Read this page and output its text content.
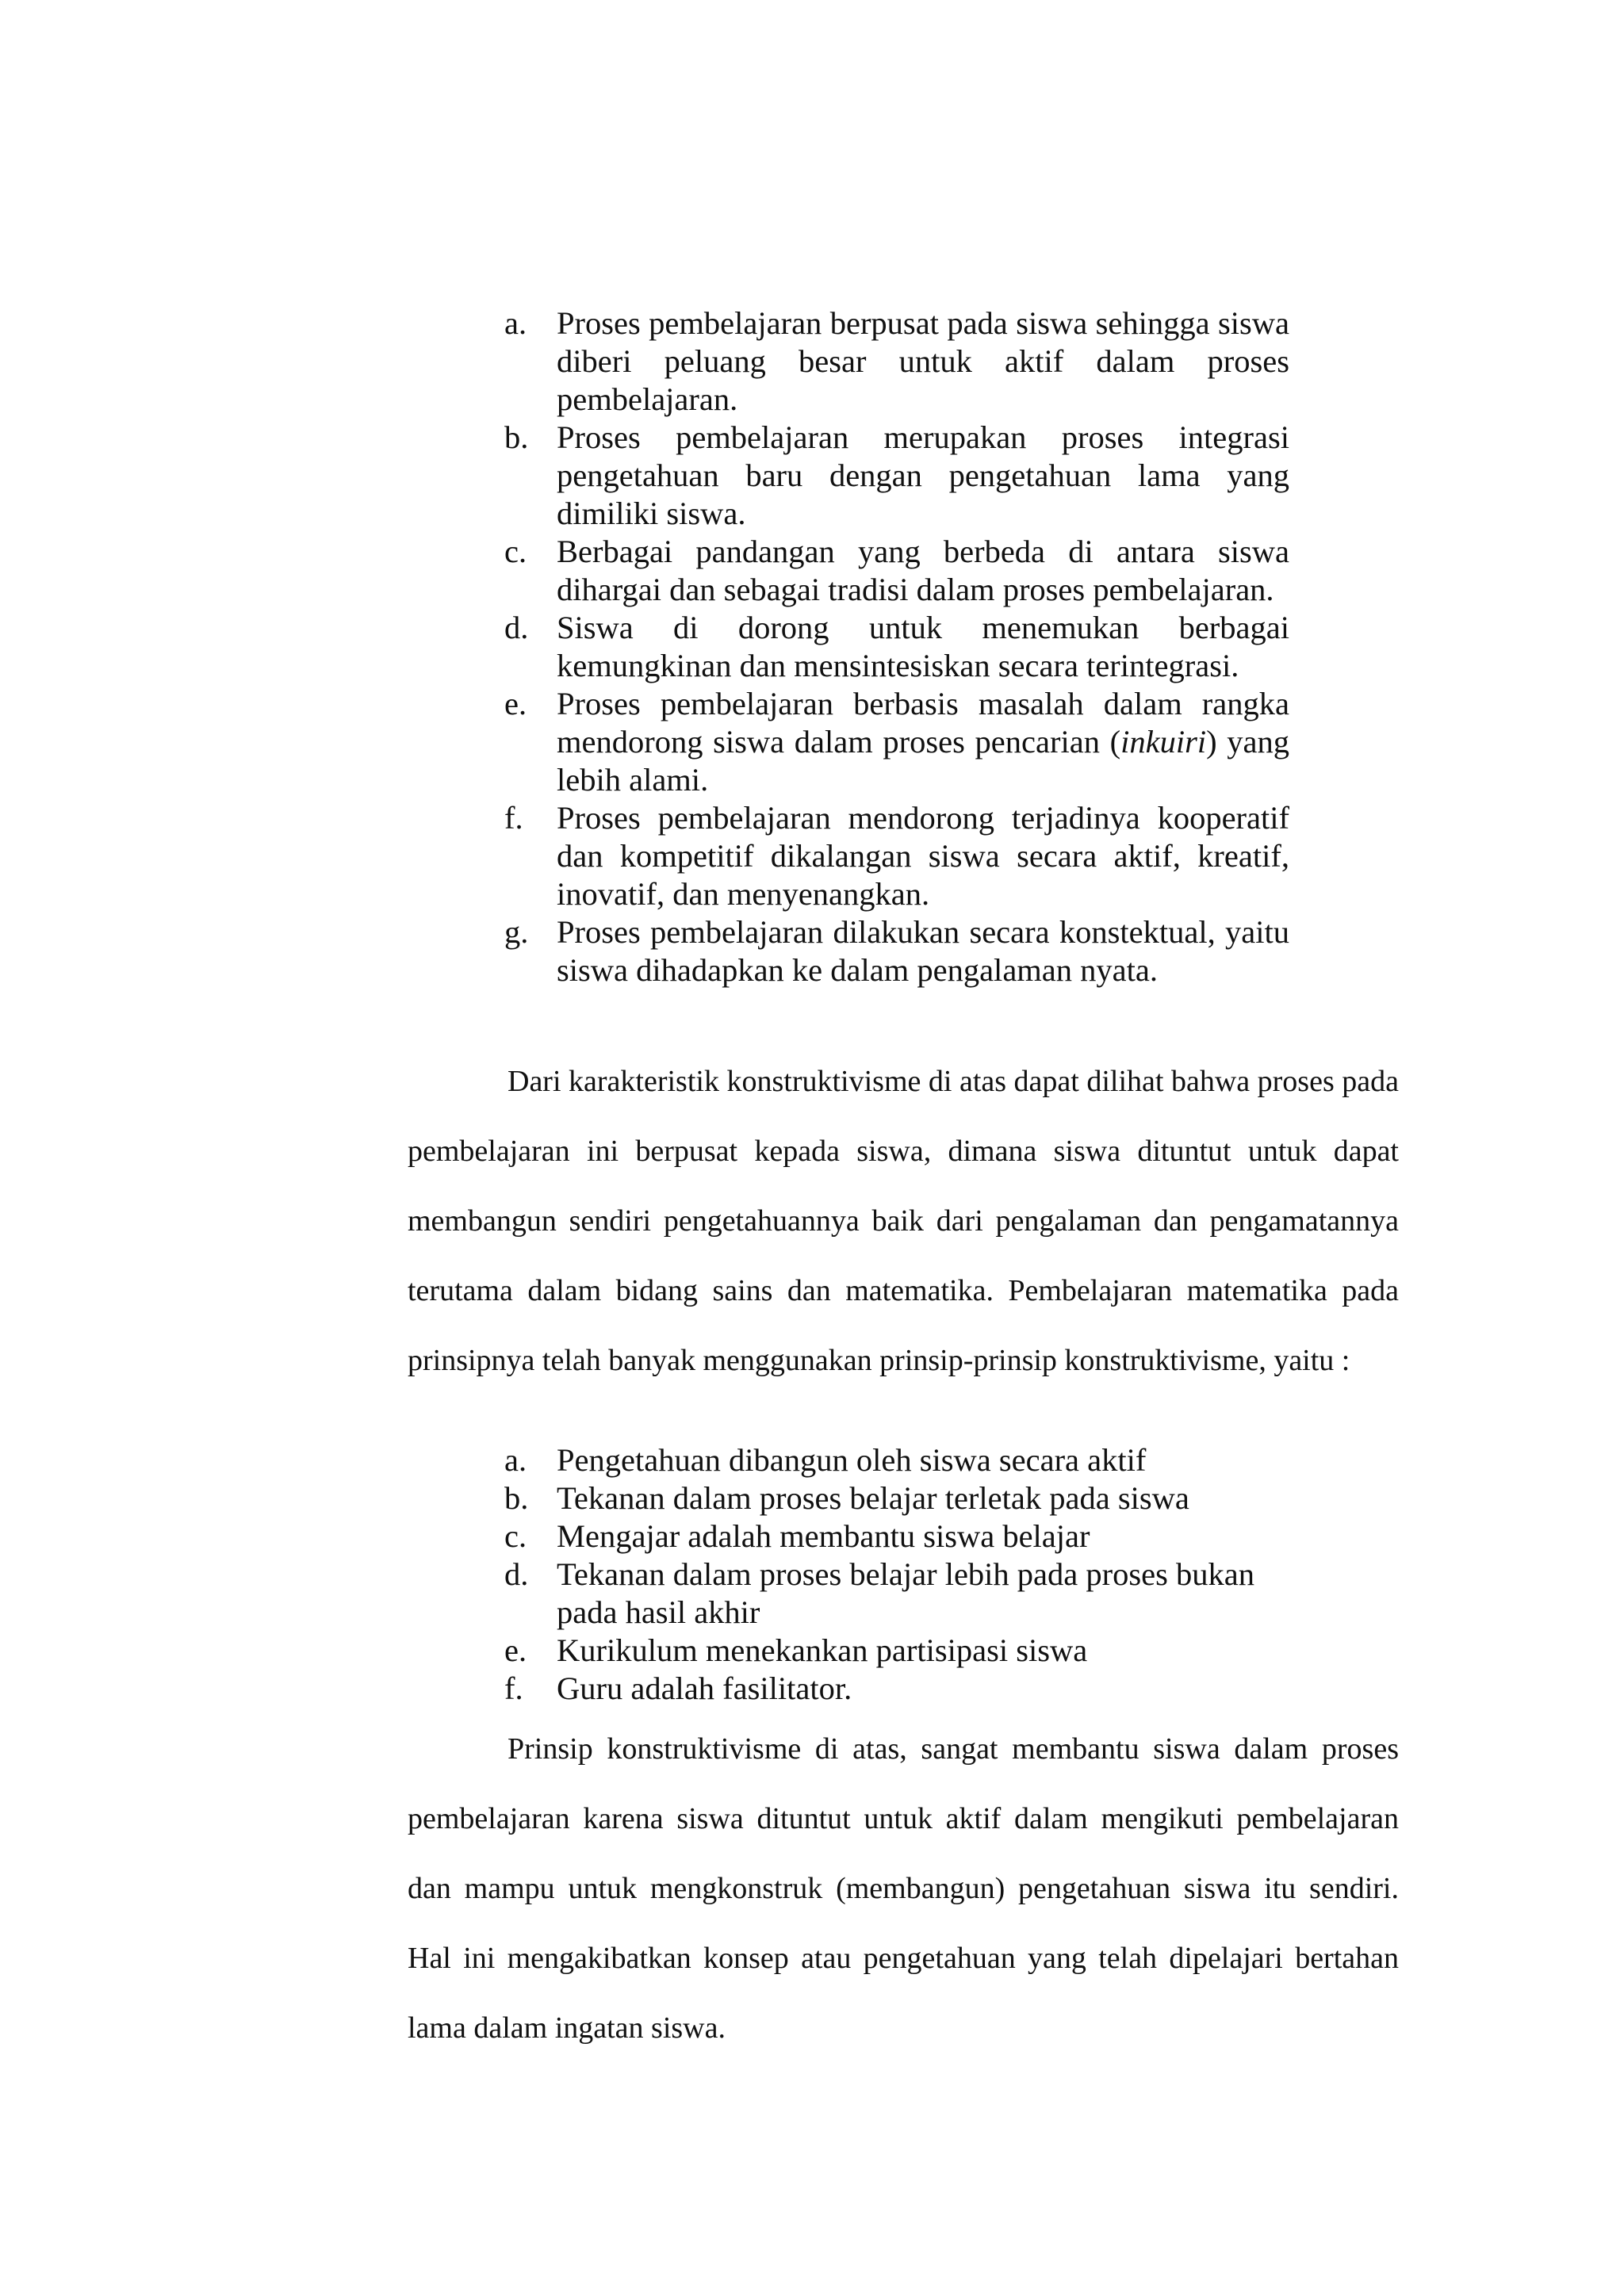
a. Proses pembelajaran berpusat pada siswa sehingga siswa diberi peluang besar untuk aktif dalam proses pembelajaran.
b. Proses pembelajaran merupakan proses integrasi pengetahuan baru dengan pengetahuan lama yang dimiliki siswa.
c. Berbagai pandangan yang berbeda di antara siswa dihargai dan sebagai tradisi dalam proses pembelajaran.
d. Siswa di dorong untuk menemukan berbagai kemungkinan dan mensintesiskan secara terintegrasi.
e. Proses pembelajaran berbasis masalah dalam rangka mendorong siswa dalam proses pencarian (inkuiri) yang lebih alami.
f. Proses pembelajaran mendorong terjadinya kooperatif dan kompetitif dikalangan siswa secara aktif, kreatif, inovatif, dan menyenangkan.
g. Proses pembelajaran dilakukan secara konstektual, yaitu siswa dihadapkan ke dalam pengalaman nyata.

Dari karakteristik konstruktivisme di atas dapat dilihat bahwa proses pada pembelajaran ini berpusat kepada siswa, dimana siswa dituntut untuk dapat membangun sendiri pengetahuannya baik dari pengalaman dan pengamatannya terutama dalam bidang sains dan matematika. Pembelajaran matematika pada prinsipnya telah banyak menggunakan prinsip-prinsip konstruktivisme, yaitu :

a. Pengetahuan dibangun oleh siswa secara aktif
b. Tekanan dalam proses belajar terletak pada siswa
c. Mengajar adalah membantu siswa belajar
d. Tekanan dalam proses belajar lebih pada proses bukan pada hasil akhir
e. Kurikulum menekankan partisipasi siswa
f. Guru adalah fasilitator.

Prinsip konstruktivisme di atas, sangat membantu siswa dalam proses pembelajaran karena siswa dituntut untuk aktif dalam mengikuti pembelajaran dan mampu untuk mengkonstruk (membangun) pengetahuan siswa itu sendiri. Hal ini mengakibatkan konsep atau pengetahuan yang telah dipelajari bertahan lama dalam ingatan siswa.
